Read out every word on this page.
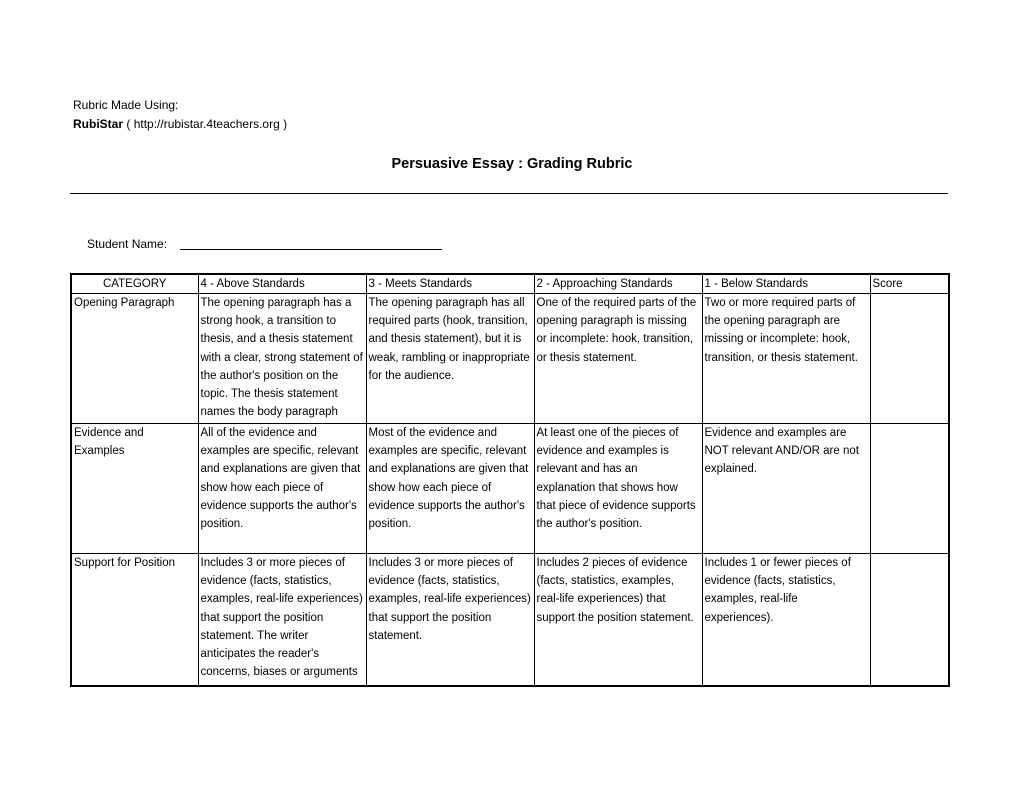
Rubric Made Using:
RubiStar ( http://rubistar.4teachers.org )
Persuasive Essay : Grading Rubric
Student Name:
CATEGORY	4 - Above Standards	3 - Meets Standards	2 - Approaching Standards	1 - Below Standards	Score
Opening Paragraph	The opening paragraph has a strong hook, a transition to thesis, and a thesis statement with a clear, strong statement of the author's position on the topic. The thesis statement names the body paragraph	The opening paragraph has all required parts (hook, transition, and thesis statement), but it is weak, rambling or inappropriate for the audience.	One of the required parts of the opening paragraph is missing or incomplete: hook, transition, or thesis statement.	Two or more required parts of the opening paragraph are missing or incomplete: hook, transition, or thesis statement.	
Evidence and Examples	All of the evidence and examples are specific, relevant and explanations are given that show how each piece of evidence supports the author's position.	Most of the evidence and examples are specific, relevant and explanations are given that show how each piece of evidence supports the author's position.	At least one of the pieces of evidence and examples is relevant and has an explanation that shows how that piece of evidence supports the author's position.	Evidence and examples are NOT relevant AND/OR are not explained.	
Support for Position	Includes 3 or more pieces of evidence (facts, statistics, examples, real-life experiences) that support the position statement. The writer anticipates the reader's concerns, biases or arguments	Includes 3 or more pieces of evidence (facts, statistics, examples, real-life experiences) that support the position statement.	Includes 2 pieces of evidence (facts, statistics, examples, real-life experiences) that support the position statement.	Includes 1 or fewer pieces of evidence (facts, statistics, examples, real-life experiences).	
